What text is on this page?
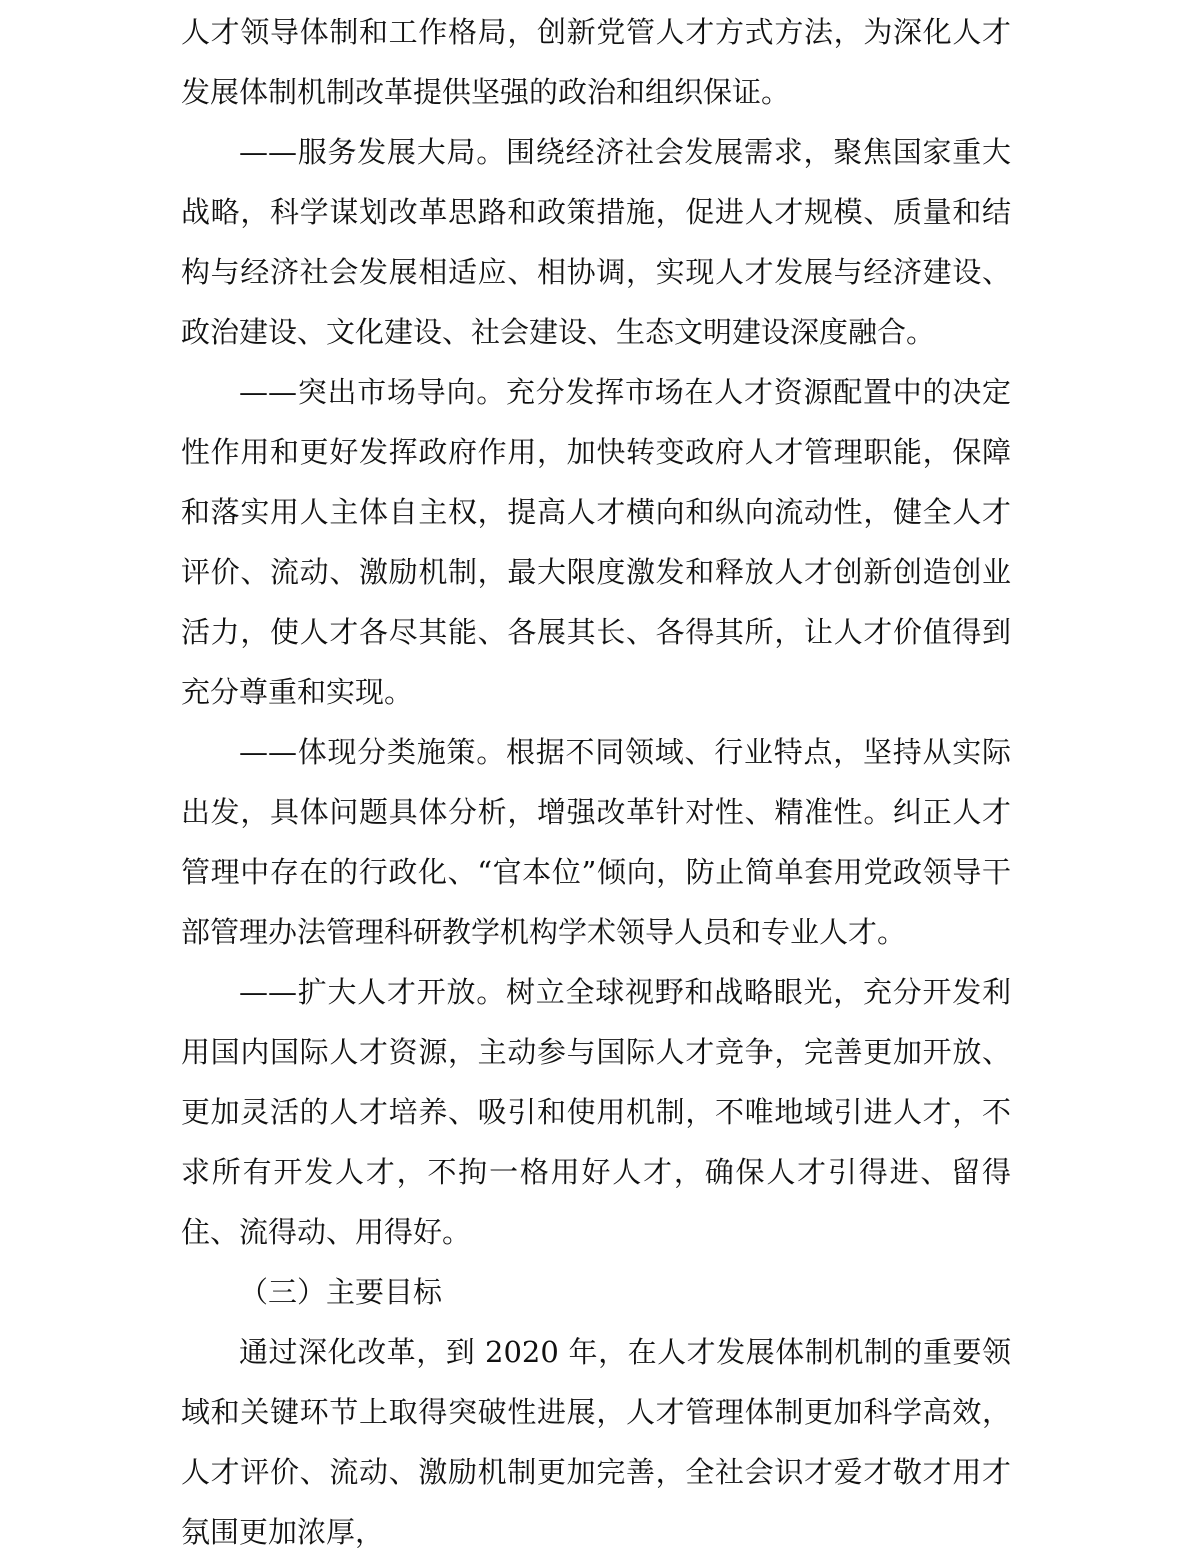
人才领导体制和工作格局，创新党管人才方式方法，为深化人才发展体制机制改革提供坚强的政治和组织保证。

——服务发展大局。围绕经济社会发展需求，聚焦国家重大战略，科学谋划改革思路和政策措施，促进人才规模、质量和结构与经济社会发展相适应、相协调，实现人才发展与经济建设、政治建设、文化建设、社会建设、生态文明建设深度融合。

——突出市场导向。充分发挥市场在人才资源配置中的决定性作用和更好发挥政府作用，加快转变政府人才管理职能，保障和落实用人主体自主权，提高人才横向和纵向流动性，健全人才评价、流动、激励机制，最大限度激发和释放人才创新创造创业活力，使人才各尽其能、各展其长、各得其所，让人才价值得到充分尊重和实现。

——体现分类施策。根据不同领域、行业特点，坚持从实际出发，具体问题具体分析，增强改革针对性、精准性。纠正人才管理中存在的行政化、“官本位”倾向，防止简单套用党政领导干部管理办法管理科研教学机构学术领导人员和专业人才。

——扩大人才开放。树立全球视野和战略眼光，充分开发利用国内国际人才资源，主动参与国际人才竞争，完善更加开放、更加灵活的人才培养、吸引和使用机制，不唯地域引进人才，不求所有开发人才，不拘一格用好人才，确保人才引得进、留得住、流得动、用得好。

（三）主要目标

通过深化改革，到 2020 年，在人才发展体制机制的重要领域和关键环节上取得突破性进展，人才管理体制更加科学高效，人才评价、流动、激励机制更加完善，全社会识才爱才敬才用才氛围更加浓厚，
